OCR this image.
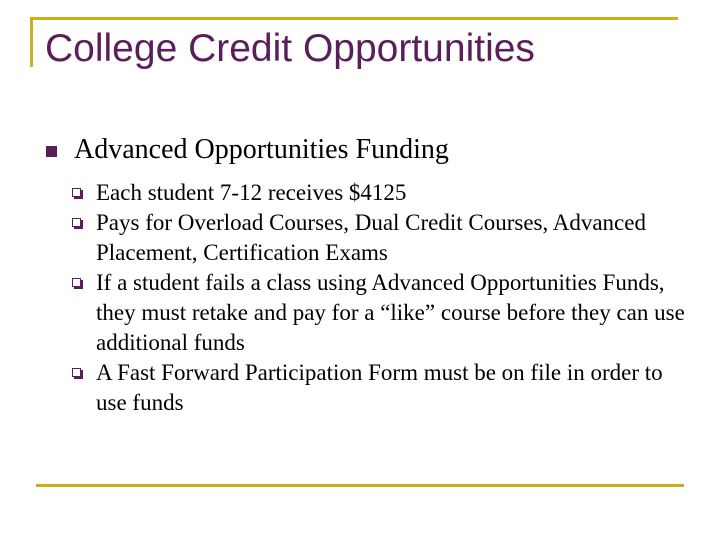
College Credit Opportunities
Advanced Opportunities Funding
Each student 7-12 receives $4125
Pays for Overload Courses, Dual Credit Courses, Advanced Placement, Certification Exams
If a student fails a class using Advanced Opportunities Funds, they must retake and pay for a “like” course before they can use additional funds
A Fast Forward Participation Form must be on file in order to use funds
